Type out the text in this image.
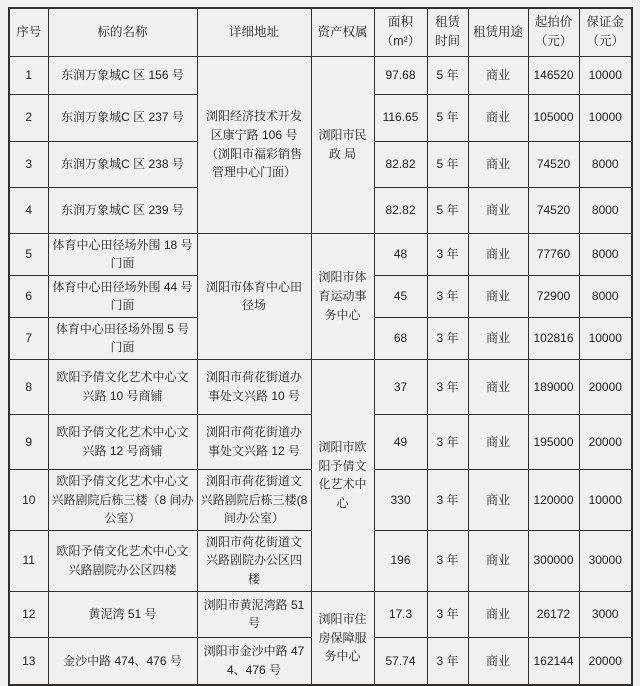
序号	标的名称	详细地址	资产权属	面积（m²）	租赁时间	租赁用途	起拍价（元）	保证金（元）
1	东润万象城C 区 156 号	浏阳经济技术开发区康宁路 106 号（浏阳市福彩销售管理中心门面）	浏阳市民 政 局	97.68	5 年	商业	146520	10000
2	东润万象城C 区 237 号			116.65	5 年	商业	105000	10000
3	东润万象城C 区 238 号			82.82	5 年	商业	74520	8000
4	东润万象城C 区 239 号			82.82	5 年	商业	74520	8000
5	体育中心田径场外围 18 号门面	浏阳市体育中心田径场	浏阳市体育运动事务中心	48	3 年	商业	77760	8000
6	体育中心田径场外围 44 号门面			45	3 年	商业	72900	8000
7	体育中心田径场外围 5 号门面			68	3 年	商业	102816	10000
8	欧阳予倩文化艺术中心文兴路 10 号商铺	浏阳市荷花街道办事处文兴路 10 号	浏阳市欧阳予倩文化艺术中心	37	3 年	商业	189000	20000
9	欧阳予倩文化艺术中心文兴路 12 号商铺	浏阳市荷花街道办事处文兴路 12 号		49	3 年	商业	195000	20000
10	欧阳予倩文化艺术中心文兴路剧院后栋三楼（8 间办公室）	浏阳市荷花街道文兴路剧院后栋三楼(8 间办公室）		330	3 年	商业	120000	10000
11	欧阳予倩文化艺术中心文兴路剧院办公区四楼	浏阳市荷花街道文兴路剧院办公区四楼		196	3 年	商业	300000	30000
12	黄泥湾 51 号	浏阳市黄泥湾路 51 号	浏阳市住房保障服务中心	17.3	3 年	商业	26172	3000
13	金沙中路 474、476 号	浏阳市金沙中路 474、476 号		57.74	3 年	商业	162144	20000
